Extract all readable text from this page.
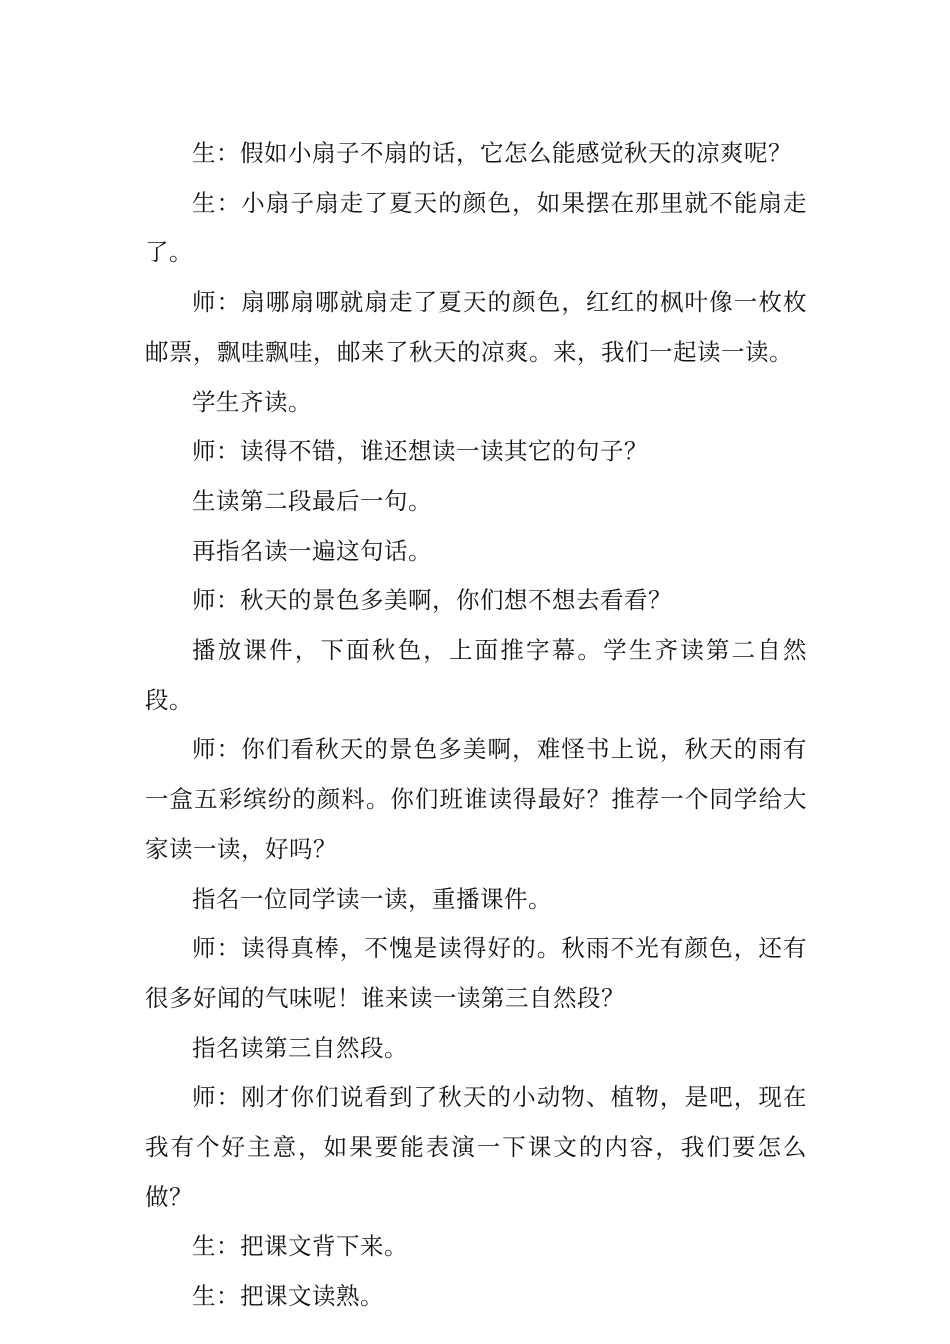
生：假如小扇子不扇的话，它怎么能感觉秋天的凉爽呢？

生：小扇子扇走了夏天的颜色，如果摆在那里就不能扇走了。

师：扇哪扇哪就扇走了夏天的颜色，红红的枫叶像一枚枚邮票，飘哇飘哇，邮来了秋天的凉爽。来，我们一起读一读。

学生齐读。

师：读得不错，谁还想读一读其它的句子？

生读第二段最后一句。

再指名读一遍这句话。

师：秋天的景色多美啊，你们想不想去看看？

播放课件，下面秋色，上面推字幕。学生齐读第二自然段。

师：你们看秋天的景色多美啊，难怪书上说，秋天的雨有一盒五彩缤纷的颜料。你们班谁读得最好？推荐一个同学给大家读一读，好吗？

指名一位同学读一读，重播课件。

师：读得真棒，不愧是读得好的。秋雨不光有颜色，还有很多好闻的气味呢！谁来读一读第三自然段？

指名读第三自然段。

师：刚才你们说看到了秋天的小动物、植物，是吧，现在我有个好主意，如果要能表演一下课文的内容，我们要怎么做？

生：把课文背下来。

生：把课文读熟。
